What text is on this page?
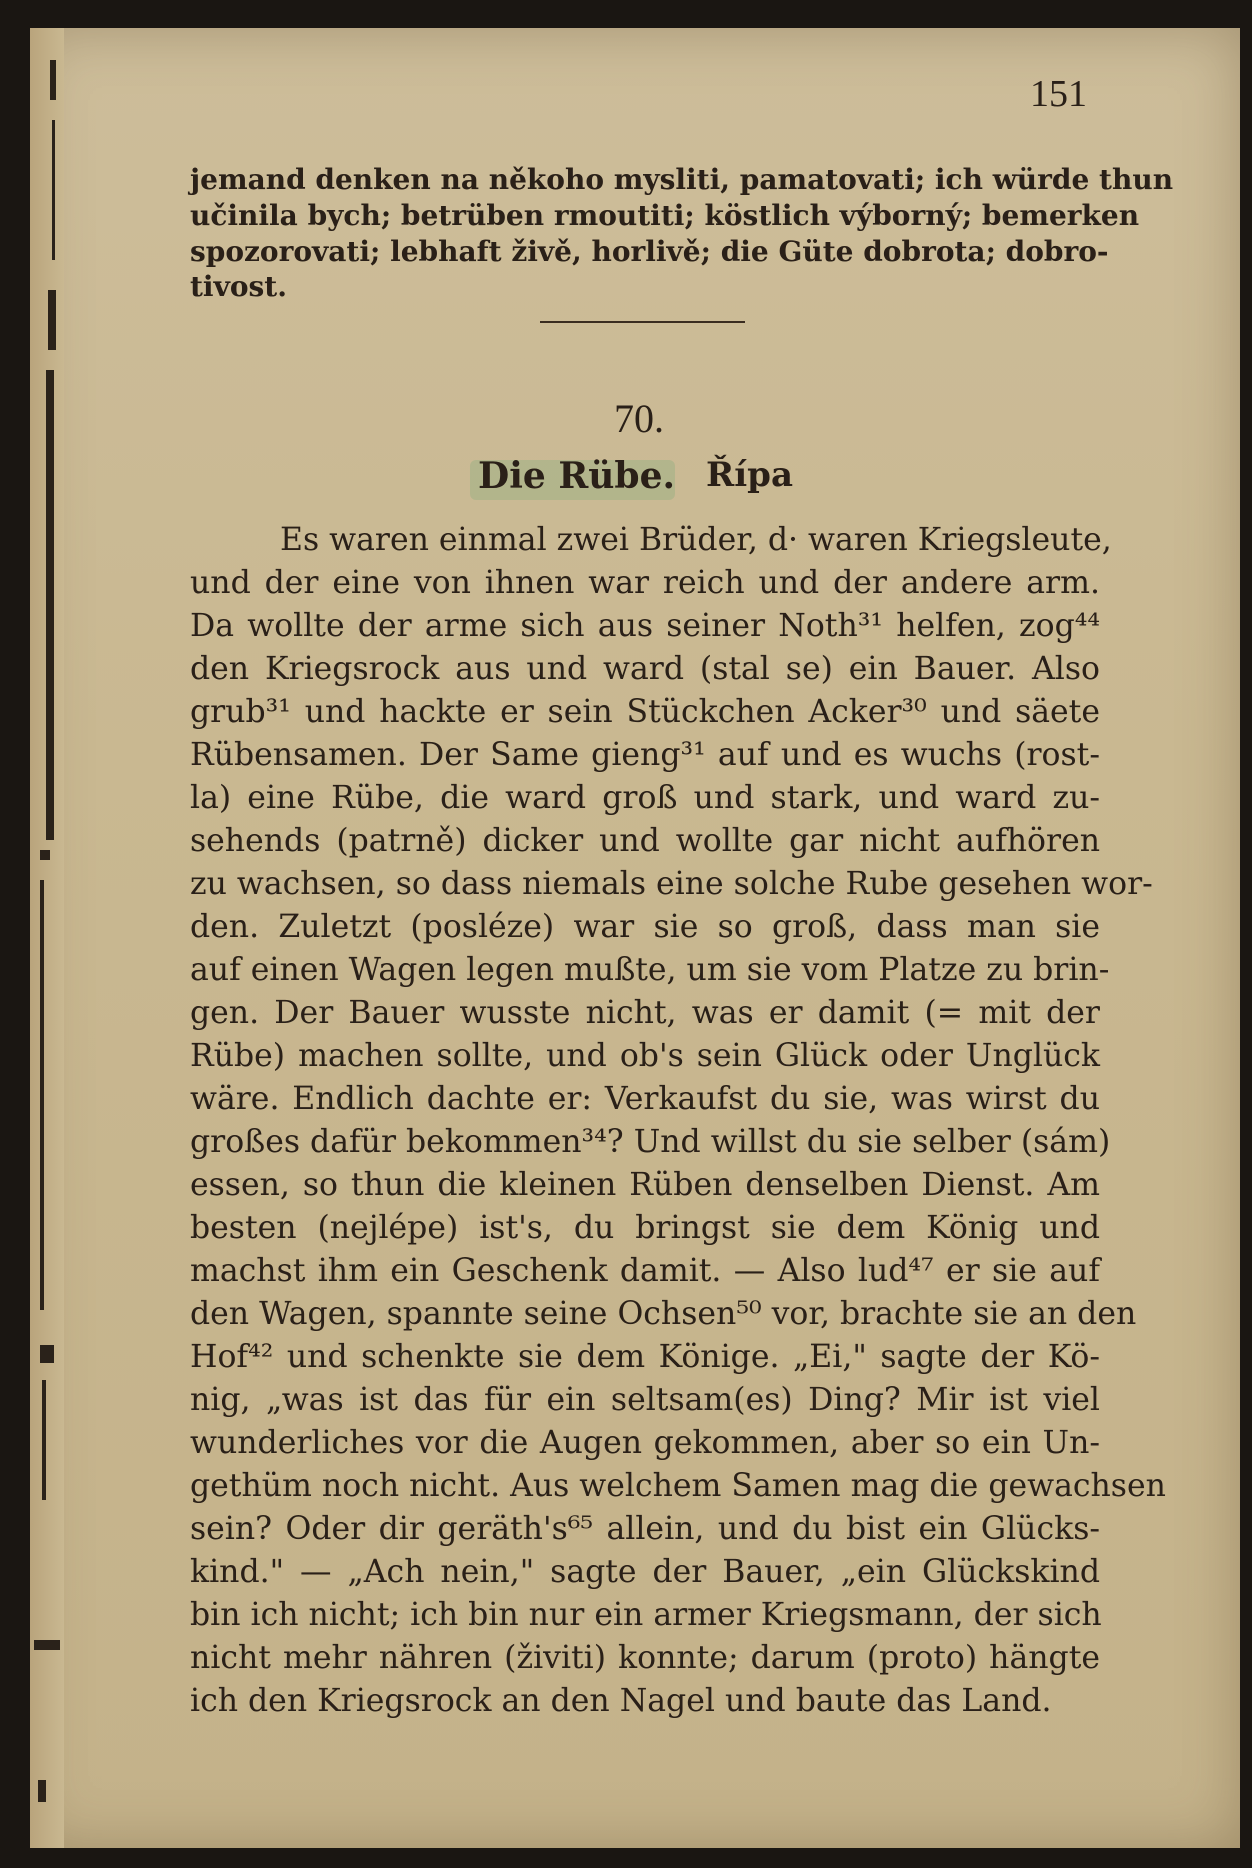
151
jemand denken na někoho mysliti, pamatovati; ich würde thun
učinila bych; betrüben rmoutiti; köstlich výborný; bemerken
spozorovati; lebhaft živě, horlivě; die Güte dobrota; dobro-
tivost.
70.
Die Rübe. Řípa
Es waren einmal zwei Brüder, d· waren Kriegsleute,
und der eine von ihnen war reich und der andere arm.
Da wollte der arme sich aus seiner Noth³¹ helfen, zog⁴⁴
den Kriegsrock aus und ward (stal se) ein Bauer. Also
grub³¹ und hackte er sein Stückchen Acker³⁰ und säete
Rübensamen. Der Same gieng³¹ auf und es wuchs (rost-
la) eine Rübe, die ward groß und stark, und ward zu-
sehends (patrně) dicker und wollte gar nicht aufhören
zu wachsen, so dass niemals eine solche Rube gesehen wor-
den. Zuletzt (posléze) war sie so groß, dass man sie
auf einen Wagen legen mußte, um sie vom Platze zu brin-
gen. Der Bauer wusste nicht, was er damit (= mit der
Rübe) machen sollte, und ob's sein Glück oder Unglück
wäre. Endlich dachte er: Verkaufst du sie, was wirst du
großes dafür bekommen³⁴? Und willst du sie selber (sám)
essen, so thun die kleinen Rüben denselben Dienst. Am
besten (nejlépe) ist's, du bringst sie dem König und
machst ihm ein Geschenk damit. — Also lud⁴⁷ er sie auf
den Wagen, spannte seine Ochsen⁵⁰ vor, brachte sie an den
Hof⁴² und schenkte sie dem Könige. „Ei," sagte der Kö-
nig, „was ist das für ein seltsam(es) Ding? Mir ist viel
wunderliches vor die Augen gekommen, aber so ein Un-
gethüm noch nicht. Aus welchem Samen mag die gewachsen
sein? Oder dir geräth's⁶⁵ allein, und du bist ein Glücks-
kind." — „Ach nein," sagte der Bauer, „ein Glückskind
bin ich nicht; ich bin nur ein armer Kriegsmann, der sich
nicht mehr nähren (živiti) konnte; darum (proto) hängte
ich den Kriegsrock an den Nagel und baute das Land.
